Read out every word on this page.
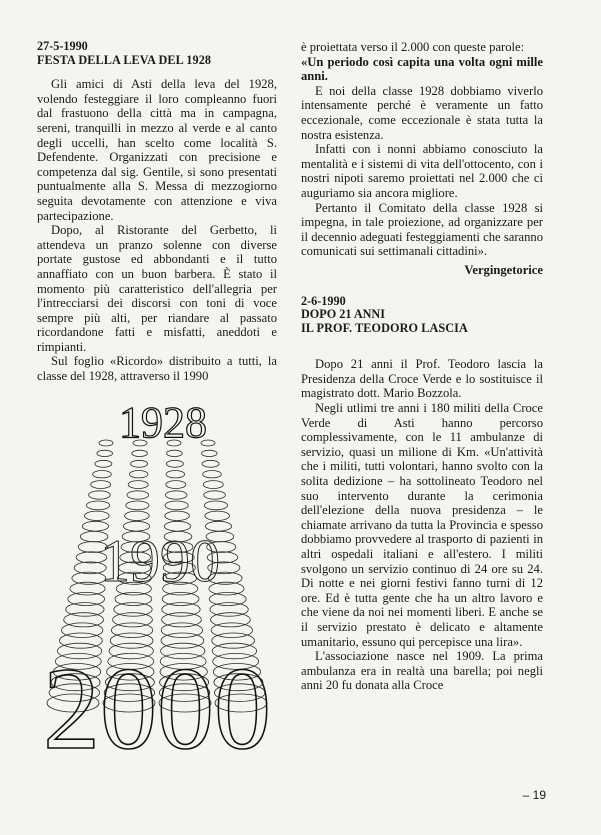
27-5-1990
FESTA DELLA LEVA DEL 1928

Gli amici di Asti della leva del 1928, volendo festeggiare il loro compleanno fuori dal frastuono della città ma in campagna, sereni, tranquilli in mezzo al verde e al canto degli uccelli, han scelto come località S. Defendente. Organizzati con precisione e competenza dal sig. Gentile, si sono presentati puntualmente alla S. Messa di mezzogiorno seguita devotamente con attenzione e viva partecipazione.

Dopo, al Ristorante del Gerbetto, li attendeva un pranzo solenne con diverse portate gustose ed abbondanti e il tutto annaffiato con un buon barbera. È stato il momento più caratteristico dell'allegria per l'intrecciarsi dei discorsi con toni di voce sempre più alti, per riandare al passato ricordandone fatti e misfatti, aneddoti e rimpianti.

Sul foglio «Ricordo» distribuito a tutti, la classe del 1928, attraverso il 1990

1928
1990
2000

è proiettata verso il 2.000 con queste parole:

«Un periodo così capita una volta ogni mille anni.

E noi della classe 1928 dobbiamo viverlo intensamente perché è veramente un fatto eccezionale, come eccezionale è stata tutta la nostra esistenza.

Infatti con i nonni abbiamo conosciuto la mentalità e i sistemi di vita dell'ottocento, con i nostri nipoti saremo proiettati nel 2.000 che ci auguriamo sia ancora migliore.

Pertanto il Comitato della classe 1928 si impegna, in tale proiezione, ad organizzare per il decennio adeguati festeggiamenti che saranno comunicati sui settimanali cittadini».

Vergingetorice
2-6-1990
DOPO 21 ANNI
IL PROF. TEODORO LASCIA

Dopo 21 anni il Prof. Teodoro lascia la Presidenza della Croce Verde e lo sostituisce il magistrato dott. Mario Bozzola.

Negli utlimi tre anni i 180 militi della Croce Verde di Asti hanno percorso complessivamente, con le 11 ambulanze di servizio, quasi un milione di Km. «Un'attività che i militi, tutti volontari, hanno svolto con la solita dedizione – ha sottolineato Teodoro nel suo intervento durante la cerimonia dell'elezione della nuova presidenza – le chiamate arrivano da tutta la Provincia e spesso dobbiamo provvedere al trasporto di pazienti in altri ospedali italiani e all'estero. I militi svolgono un servizio continuo di 24 ore su 24. Di notte e nei giorni festivi fanno turni di 12 ore. Ed è tutta gente che ha un altro lavoro e che viene da noi nei momenti liberi. E anche se il servizio prestato è delicato e altamente umanitario, essuno qui percepisce una lira».

L'associazione nasce nel 1909. La prima ambulanza era in realtà una barella; poi negli anni 20 fu donata alla Croce

– 19
